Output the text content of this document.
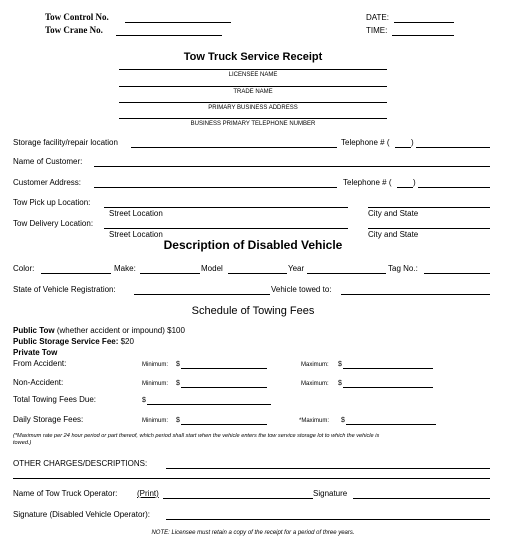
Tow Control No.
Tow Crane No.
DATE:
TIME:
Tow Truck Service Receipt
LICENSEE NAME
TRADE NAME
PRIMARY BUSINESS ADDRESS
BUSINESS PRIMARY TELEPHONE NUMBER
Storage facility/repair location	Telephone # (	)
Name of Customer:
Customer Address:	Telephone # (	)
Tow Pick up Location:
Street Location	City and State
Tow Delivery Location:
Street Location	City and State
Description of Disabled Vehicle
Color:	Make:	Model	Year	Tag No.:
State of Vehicle Registration:	Vehicle towed to:
Schedule of Towing Fees
Public Tow (whether accident or impound) $100
Public Storage Service Fee: $20
Private Tow
From Accident:	Minimum: $	Maximum: $
Non-Accident:	Minimum: $	Maximum: $
Total Towing Fees Due:	$
Daily Storage Fees:	Minimum: $	*Maximum: $
(*Maximum rate per 24 hour period or part thereof, which period shall start when the vehicle enters the tow service storage lot to which the vehicle is
towed.)
OTHER CHARGES/DESCRIPTIONS:
Name of Tow Truck Operator: (Print)	Signature
Signature (Disabled Vehicle Operator):
NOTE: Licensee must retain a copy of the receipt for a period of three years.
